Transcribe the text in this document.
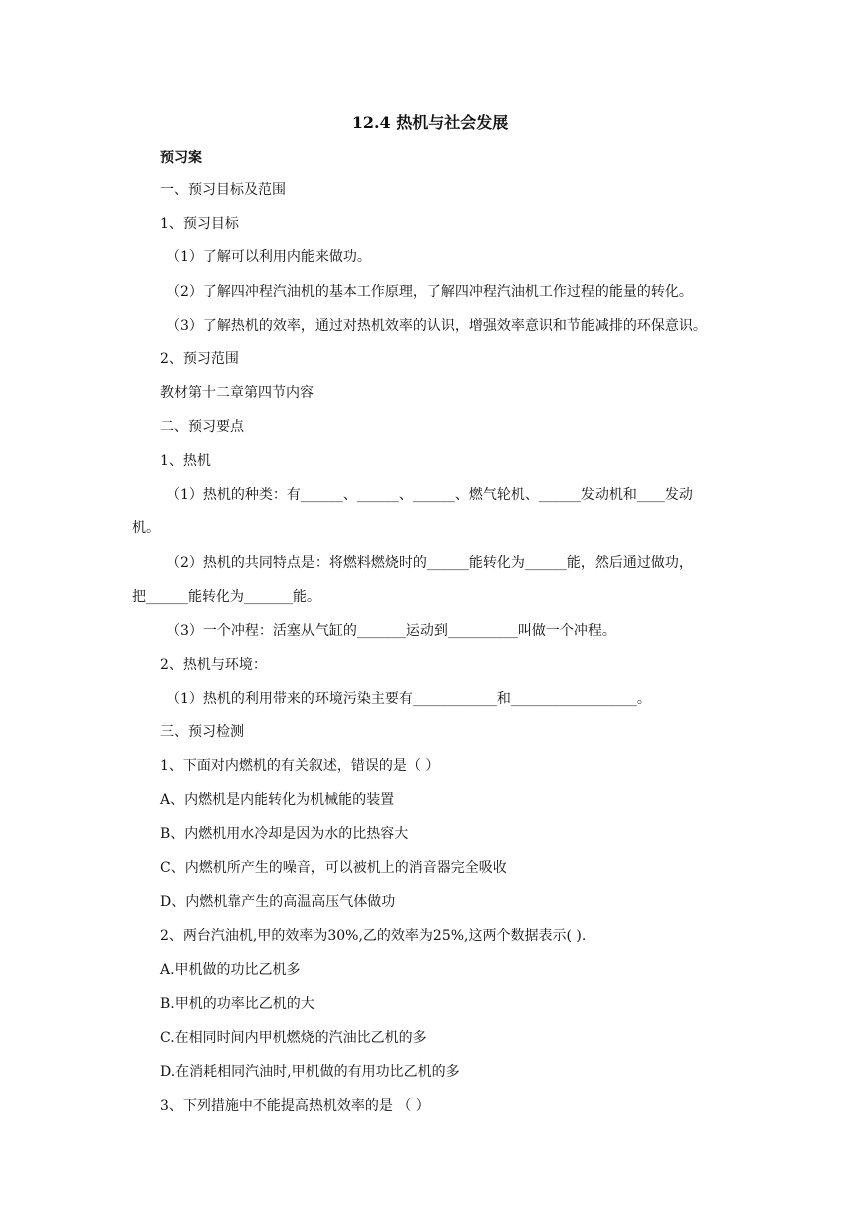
12.4 热机与社会发展
预习案
一、预习目标及范围
1、预习目标
（1）了解可以利用内能来做功。
（2）了解四冲程汽油机的基本工作原理，了解四冲程汽油机工作过程的能量的转化。
（3）了解热机的效率，通过对热机效率的认识，增强效率意识和节能减排的环保意识。
2、预习范围
教材第十二章第四节内容
二、预习要点
1、热机
（1）热机的种类：有______、______、______、燃气轮机、______发动机和____发动
机。
（2）热机的共同特点是：将燃料燃烧时的______能转化为______能，然后通过做功，
把______能转化为_______能。
（3）一个冲程：活塞从气缸的_______运动到__________叫做一个冲程。
2、热机与环境：
（1）热机的利用带来的环境污染主要有____________和__________________。
三、预习检测
1、下面对内燃机的有关叙述，错误的是（ ）
A、内燃机是内能转化为机械能的装置
B、内燃机用水冷却是因为水的比热容大
C、内燃机所产生的噪音，可以被机上的消音器完全吸收
D、内燃机靠产生的高温高压气体做功
2、两台汽油机,甲的效率为30%,乙的效率为25%,这两个数据表示( ).
A.甲机做的功比乙机多
B.甲机的功率比乙机的大
C.在相同时间内甲机燃烧的汽油比乙机的多
D.在消耗相同汽油时,甲机做的有用功比乙机的多
3、下列措施中不能提高热机效率的是 （ ）
